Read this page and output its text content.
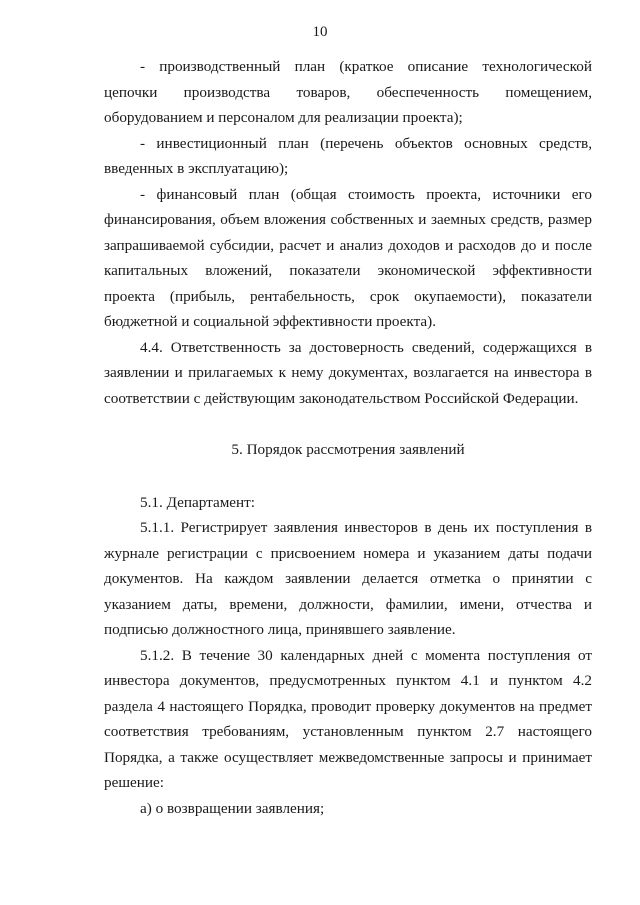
10

- производственный план (краткое описание технологической цепочки производства товаров, обеспеченность помещением, оборудованием и персоналом для реализации проекта);

- инвестиционный план (перечень объектов основных средств, введенных в эксплуатацию);

- финансовый план (общая стоимость проекта, источники его финансирования, объем вложения собственных и заемных средств, размер запрашиваемой субсидии, расчет и анализ доходов и расходов до и после капитальных вложений, показатели экономической эффективности проекта (прибыль, рентабельность, срок окупаемости), показатели бюджетной и социальной эффективности проекта).

4.4. Ответственность за достоверность сведений, содержащихся в заявлении и прилагаемых к нему документах, возлагается на инвестора в соответствии с действующим законодательством Российской Федерации.

5. Порядок рассмотрения заявлений

5.1. Департамент:

5.1.1. Регистрирует заявления инвесторов в день их поступления в журнале регистрации с присвоением номера и указанием даты подачи документов. На каждом заявлении делается отметка о принятии с указанием даты, времени, должности, фамилии, имени, отчества и подписью должностного лица, принявшего заявление.

5.1.2. В течение 30 календарных дней с момента поступления от инвестора документов, предусмотренных пунктом 4.1 и пунктом 4.2 раздела 4 настоящего Порядка, проводит проверку документов на предмет соответствия требованиям, установленным пунктом 2.7 настоящего Порядка, а также осуществляет межведомственные запросы и принимает решение:

а) о возвращении заявления;
